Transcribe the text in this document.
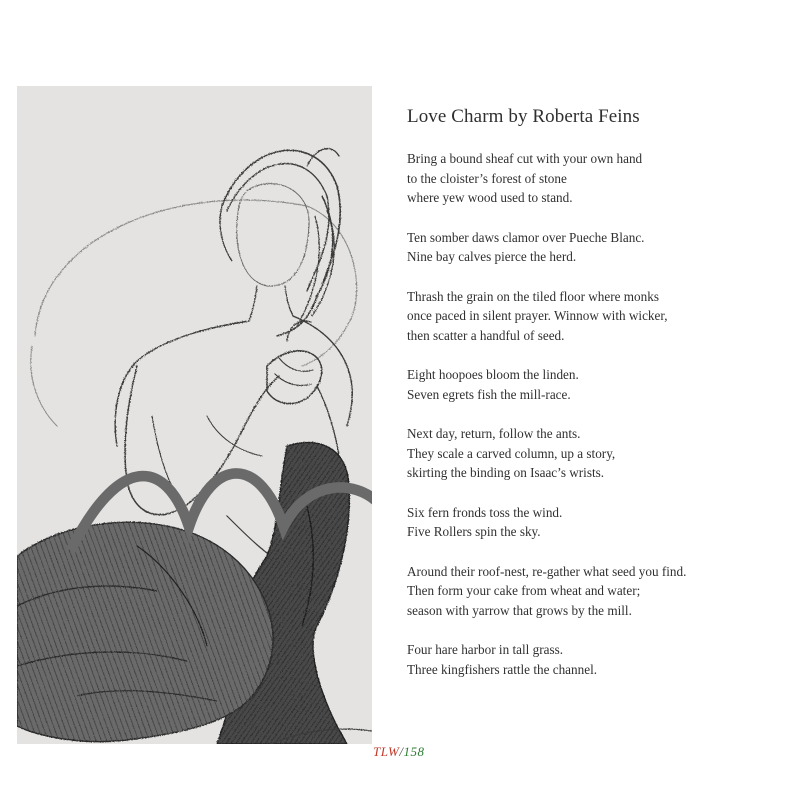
Love Charm by Roberta Feins
Bring a bound sheaf cut with your own hand
to the cloister’s forest of stone
where yew wood used to stand.
Ten somber daws clamor over Pueche Blanc.
Nine bay calves pierce the herd.
Thrash the grain on the tiled floor where monks
once paced in silent prayer. Winnow with wicker,
then scatter a handful of seed.
Eight hoopoes bloom the linden.
Seven egrets fish the mill-race.
Next day, return, follow the ants.
They scale a carved column, up a story,
skirting the binding on Isaac’s wrists.
Six fern fronds toss the wind.
Five Rollers spin the sky.
Around their roof-nest, re-gather what seed you find.
Then form your cake from wheat and water;
season with yarrow that grows by the mill.
Four hare harbor in tall grass.
Three kingfishers rattle the channel.
TLW/158
